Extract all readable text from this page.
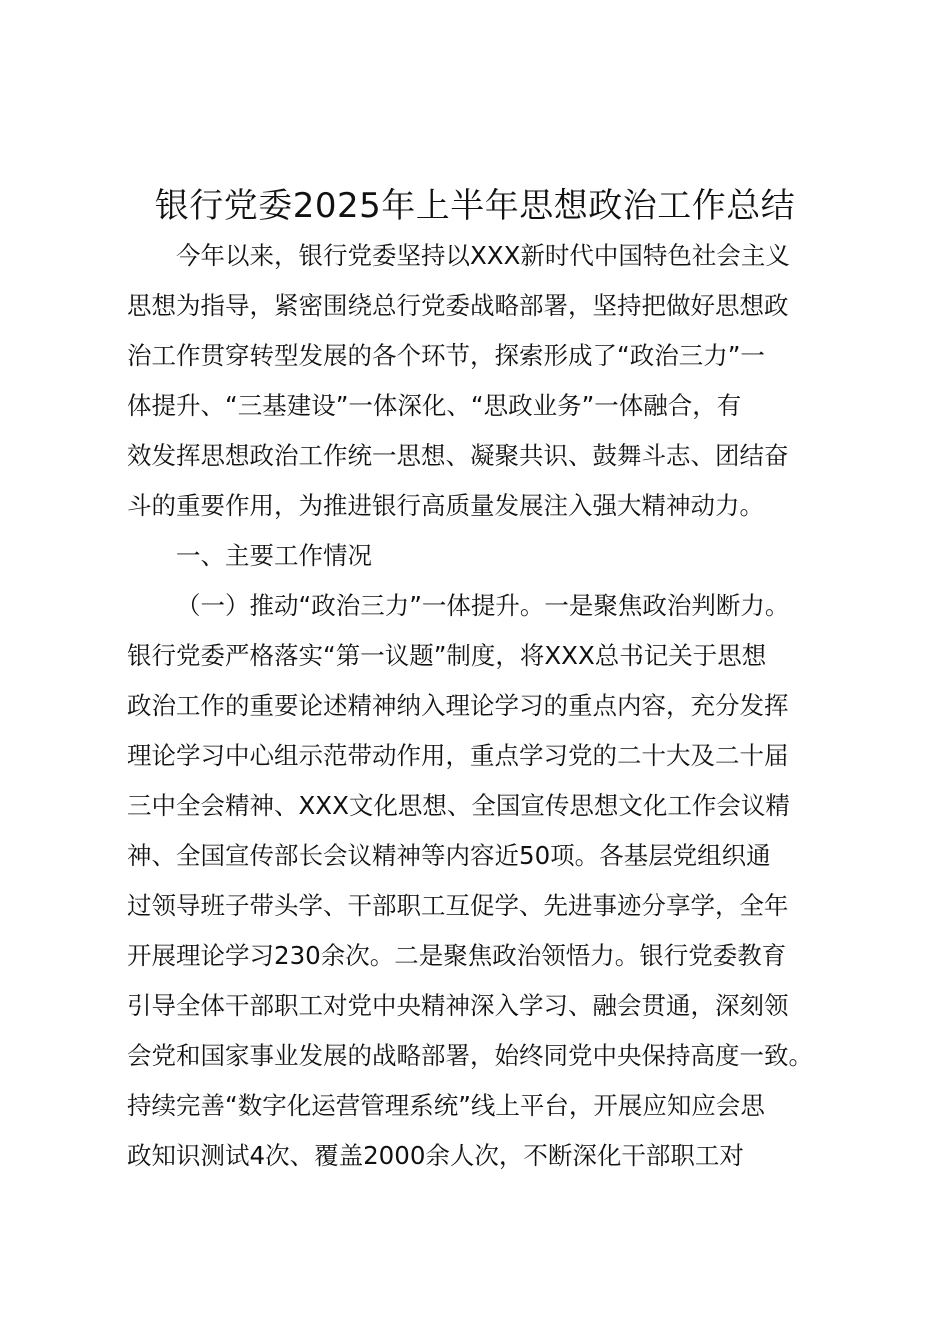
银行党委2025年上半年思想政治工作总结
今年以来，银行党委坚持以XXX新时代中国特色社会主义
思想为指导，紧密围绕总行党委战略部署，坚持把做好思想政
治工作贯穿转型发展的各个环节，探索形成了“政治三力”一
体提升、“三基建设”一体深化、“思政业务”一体融合，有
效发挥思想政治工作统一思想、凝聚共识、鼓舞斗志、团结奋
斗的重要作用，为推进银行高质量发展注入强大精神动力。
一、主要工作情况
（一）推动“政治三力”一体提升。一是聚焦政治判断力。
银行党委严格落实“第一议题”制度，将XXX总书记关于思想
政治工作的重要论述精神纳入理论学习的重点内容，充分发挥
理论学习中心组示范带动作用，重点学习党的二十大及二十届
三中全会精神、XXX文化思想、全国宣传思想文化工作会议精
神、全国宣传部长会议精神等内容近50项。各基层党组织通
过领导班子带头学、干部职工互促学、先进事迹分享学，全年
开展理论学习230余次。二是聚焦政治领悟力。银行党委教育
引导全体干部职工对党中央精神深入学习、融会贯通，深刻领
会党和国家事业发展的战略部署，始终同党中央保持高度一致。
持续完善“数字化运营管理系统”线上平台，开展应知应会思
政知识测试4次、覆盖2000余人次，不断深化干部职工对
